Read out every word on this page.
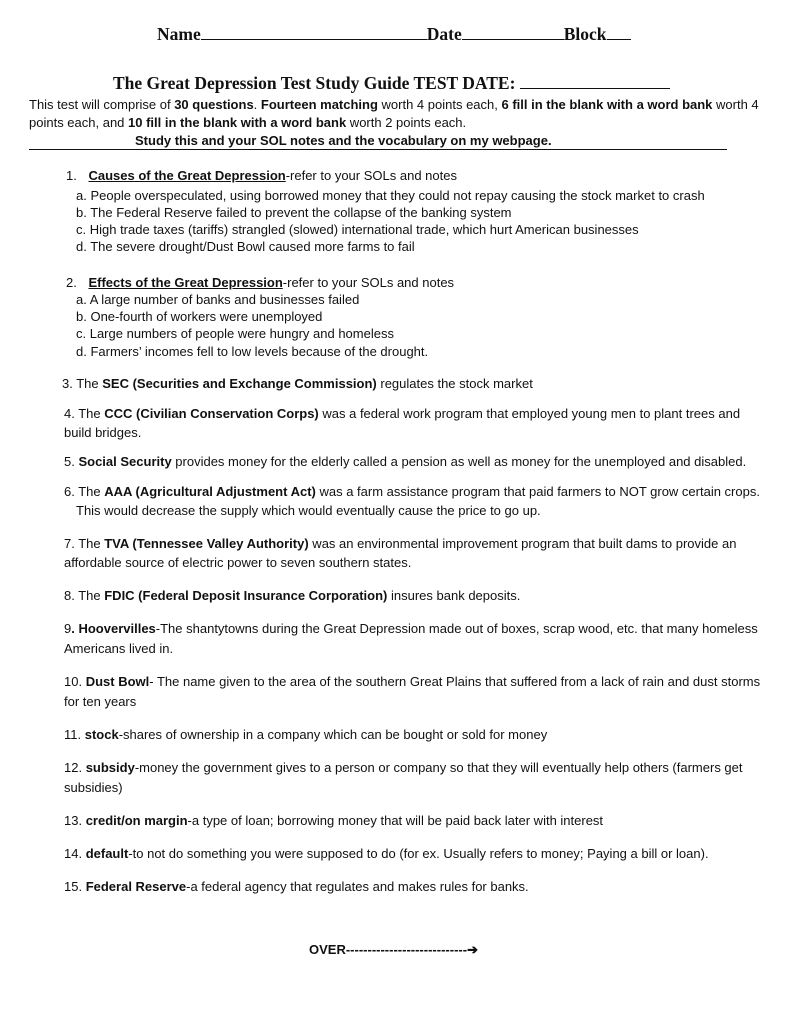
Name	Date	Block
The Great Depression Test Study Guide TEST DATE:
This test will comprise of 30 questions. Fourteen matching worth 4 points each, 6 fill in the blank with a word bank worth 4
points each, and 10 fill in the blank with a word bank worth 2 points each.
Study this and your SOL notes and the vocabulary on my webpage.
1. Causes of the Great Depression-refer to your SOLs and notes
a. People overspeculated, using borrowed money that they could not repay causing the stock market to crash
b. The Federal Reserve failed to prevent the collapse of the banking system
c. High trade taxes (tariffs) strangled (slowed) international trade, which hurt American businesses
d. The severe drought/Dust Bowl caused more farms to fail
2. Effects of the Great Depression-refer to your SOLs and notes
a. A large number of banks and businesses failed
b. One-fourth of workers were unemployed
c. Large numbers of people were hungry and homeless
d. Farmers’ incomes fell to low levels because of the drought.
3. The SEC (Securities and Exchange Commission) regulates the stock market
4. The CCC (Civilian Conservation Corps) was a federal work program that employed young men to plant trees and build bridges.
5. Social Security provides money for the elderly called a pension as well as money for the unemployed and disabled.
6. The AAA (Agricultural Adjustment Act) was a farm assistance program that paid farmers to NOT grow certain crops.
This would decrease the supply which would eventually cause the price to go up.
7. The TVA (Tennessee Valley Authority) was an environmental improvement program that built dams to provide an affordable source of electric power to seven southern states.
8. The FDIC (Federal Deposit Insurance Corporation) insures bank deposits.
9. Hoovervilles-The shantytowns during the Great Depression made out of boxes, scrap wood, etc. that many homeless Americans lived in.
10. Dust Bowl- The name given to the area of the southern Great Plains that suffered from a lack of rain and dust storms for ten years
11. stock-shares of ownership in a company which can be bought or sold for money
12. subsidy-money the government gives to a person or company so that they will eventually help others (farmers get subsidies)
13. credit/on margin-a type of loan; borrowing money that will be paid back later with interest
14. default-to not do something you were supposed to do (for ex. Usually refers to money; Paying a bill or loan).
15. Federal Reserve-a federal agency that regulates and makes rules for banks.
OVER----------------------------➔
